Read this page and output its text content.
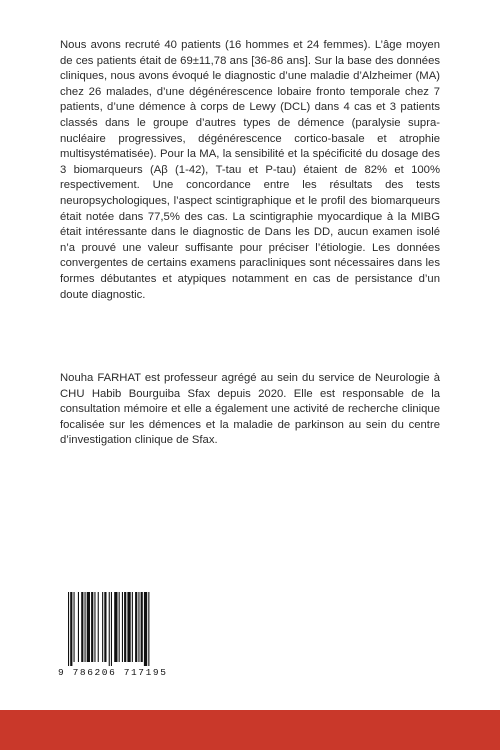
Nous avons recruté 40 patients (16 hommes et 24 femmes). L’âge moyen de ces patients était de 69±11,78 ans [36-86 ans]. Sur la base des données cliniques, nous avons évoqué le diagnostic d’une maladie d’Alzheimer (MA) chez 26 malades, d’une dégénérescence lobaire fronto temporale chez 7 patients, d’une démence à corps de Lewy (DCL) dans 4 cas et 3 patients classés dans le groupe d’autres types de démence (paralysie supra-nucléaire progressives, dégénérescence cortico-basale et atrophie multisystématisée). Pour la MA, la sensibilité et la spécificité du dosage des 3 biomarqueurs (Aβ (1-42), T-tau et P-tau) étaient de 82% et 100% respectivement. Une concordance entre les résultats des tests neuropsychologiques, l’aspect scintigraphique et le profil des biomarqueurs était notée dans 77,5% des cas. La scintigraphie myocardique à la MIBG était intéressante dans le diagnostic de Dans les DD, aucun examen isolé n’a prouvé une valeur suffisante pour préciser l’étiologie. Les données convergentes de certains examens paracliniques sont nécessaires dans les formes débutantes et atypiques notamment en cas de persistance d’un doute diagnostic.

Nouha FARHAT est professeur agrégé au sein du service de Neurologie à CHU Habib Bourguiba Sfax depuis 2020. Elle est responsable de la consultation mémoire et elle a également une activité de recherche clinique focalisée sur les démences et la maladie de parkinson au sein du centre d’investigation clinique de Sfax.

9 786206 717195
